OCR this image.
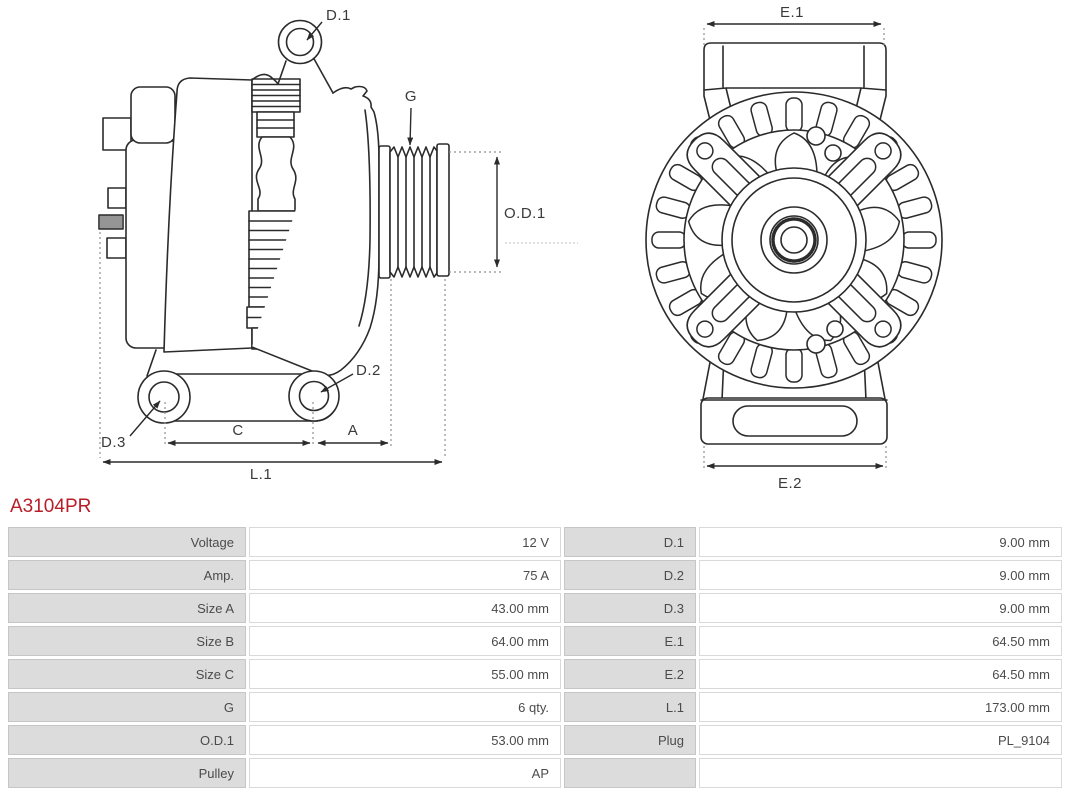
D.1
G
O.D.1
D.2
D.3
C	A
L.1
E.1
E.2
A3104PR
Voltage	12 V	D.1	9.00 mm
Amp.	75 A	D.2	9.00 mm
Size A	43.00 mm	D.3	9.00 mm
Size B	64.00 mm	E.1	64.50 mm
Size C	55.00 mm	E.2	64.50 mm
G	6 qty.	L.1	173.00 mm
O.D.1	53.00 mm	Plug	PL_9104
Pulley	AP
